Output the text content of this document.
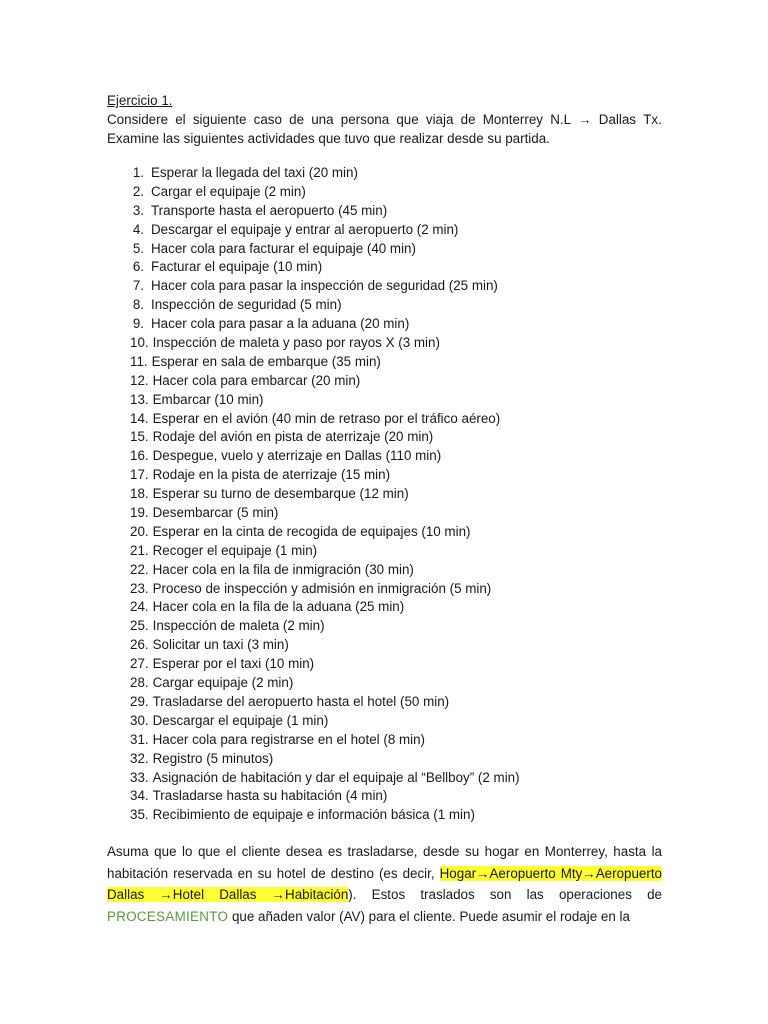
Ejercicio 1.
Considere el siguiente caso de una persona que viaja de Monterrey N.L → Dallas Tx.
Examine las siguientes actividades que tuvo que realizar desde su partida.
1. Esperar la llegada del taxi (20 min)
2. Cargar el equipaje (2 min)
3. Transporte hasta el aeropuerto (45 min)
4. Descargar el equipaje y entrar al aeropuerto (2 min)
5. Hacer cola para facturar el equipaje (40 min)
6. Facturar el equipaje (10 min)
7. Hacer cola para pasar la inspección de seguridad (25 min)
8. Inspección de seguridad (5 min)
9. Hacer cola para pasar a la aduana (20 min)
10. Inspección de maleta y paso por rayos X (3 min)
11. Esperar en sala de embarque (35 min)
12. Hacer cola para embarcar (20 min)
13. Embarcar (10 min)
14. Esperar en el avión (40 min de retraso por el tráfico aéreo)
15. Rodaje del avión en pista de aterrizaje (20 min)
16. Despegue, vuelo y aterrizaje en Dallas (110 min)
17. Rodaje en la pista de aterrizaje (15 min)
18. Esperar su turno de desembarque (12 min)
19. Desembarcar (5 min)
20. Esperar en la cinta de recogida de equipajes (10 min)
21. Recoger el equipaje (1 min)
22. Hacer cola en la fila de inmigración (30 min)
23. Proceso de inspección y admisión en inmigración (5 min)
24. Hacer cola en la fila de la aduana (25 min)
25. Inspección de maleta (2 min)
26. Solicitar un taxi (3 min)
27. Esperar por el taxi (10 min)
28. Cargar equipaje (2 min)
29. Trasladarse del aeropuerto hasta el hotel (50 min)
30. Descargar el equipaje (1 min)
31. Hacer cola para registrarse en el hotel (8 min)
32. Registro (5 minutos)
33. Asignación de habitación y dar el equipaje al “Bellboy” (2 min)
34. Trasladarse hasta su habitación (4 min)
35. Recibimiento de equipaje e información básica (1 min)
Asuma que lo que el cliente desea es trasladarse, desde su hogar en Monterrey, hasta la habitación reservada en su hotel de destino (es decir, Hogar→Aeropuerto Mty→Aeropuerto Dallas →Hotel Dallas →Habitación). Estos traslados son las operaciones de PROCESAMIENTO que añaden valor (AV) para el cliente. Puede asumir el rodaje en la
